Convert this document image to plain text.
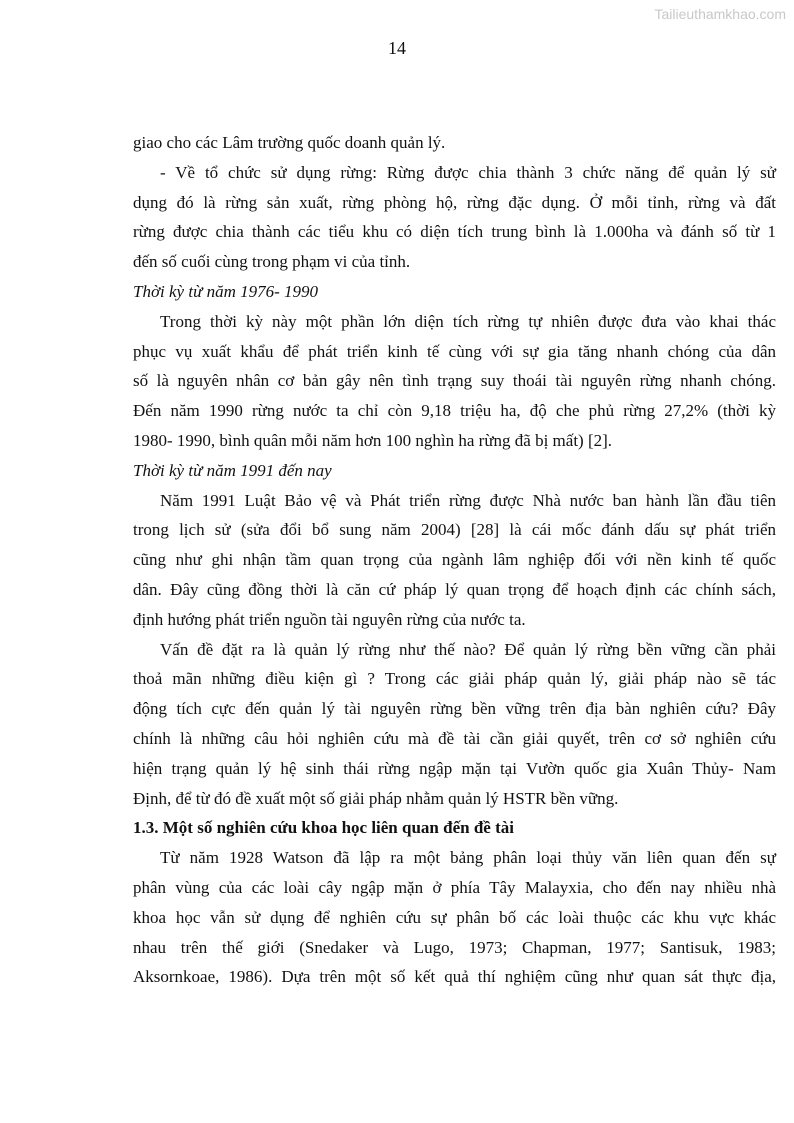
Tailieuthamkhao.com
14
giao cho các Lâm trường quốc doanh quản lý.
- Về tổ chức sử dụng rừng: Rừng được chia thành 3 chức năng để quản lý sử
dụng đó là rừng sản xuất, rừng phòng hộ, rừng đặc dụng. Ở mỗi tỉnh, rừng và đất
rừng được chia thành các tiểu khu có diện tích trung bình là 1.000ha và đánh số từ 1
đến số cuối cùng trong phạm vi của tỉnh.
Thời kỳ từ năm 1976- 1990
Trong thời kỳ này một phần lớn diện tích rừng tự nhiên được đưa vào khai thác
phục vụ xuất khẩu để phát triển kinh tế cùng với sự gia tăng nhanh chóng của dân
số là nguyên nhân cơ bản gây nên tình trạng suy thoái tài nguyên rừng nhanh chóng.
Đến năm 1990 rừng nước ta chỉ còn 9,18 triệu ha, độ che phủ rừng 27,2% (thời kỳ
1980- 1990, bình quân mỗi năm hơn 100 nghìn ha rừng đã bị mất) [2].
Thời kỳ từ năm 1991 đến nay
Năm 1991 Luật Bảo vệ và Phát triển rừng được Nhà nước ban hành lần đầu tiên
trong lịch sử (sửa đổi bổ sung năm 2004) [28] là cái mốc đánh dấu sự phát triển
cũng như ghi nhận tầm quan trọng của ngành lâm nghiệp đối với nền kinh tế quốc
dân. Đây cũng đồng thời là căn cứ pháp lý quan trọng để hoạch định các chính sách,
định hướng phát triển nguồn tài nguyên rừng của nước ta.
Vấn đề đặt ra là quản lý rừng như thế nào? Để quản lý rừng bền vững cần phải
thoả mãn những điều kiện gì ? Trong các giải pháp quản lý, giải pháp nào sẽ tác
động tích cực đến quản lý tài nguyên rừng bền vững trên địa bàn nghiên cứu? Đây
chính là những câu hỏi nghiên cứu mà đề tài cần giải quyết, trên cơ sở nghiên cứu
hiện trạng quản lý hệ sinh thái rừng ngập mặn tại Vườn quốc gia Xuân Thủy- Nam
Định, để từ đó đề xuất một số giải pháp nhằm quản lý HSTR bền vững.
1.3. Một số nghiên cứu khoa học liên quan đến đề tài
Từ năm 1928 Watson đã lập ra một bảng phân loại thủy văn liên quan đến sự
phân vùng của các loài cây ngập mặn ở phía Tây Malayxia, cho đến nay nhiều nhà
khoa học vẫn sử dụng để nghiên cứu sự phân bố các loài thuộc các khu vực khác
nhau trên thế giới (Snedaker và Lugo, 1973; Chapman, 1977; Santisuk, 1983;
Aksornkoae, 1986). Dựa trên một số kết quả thí nghiệm cũng như quan sát thực địa,
